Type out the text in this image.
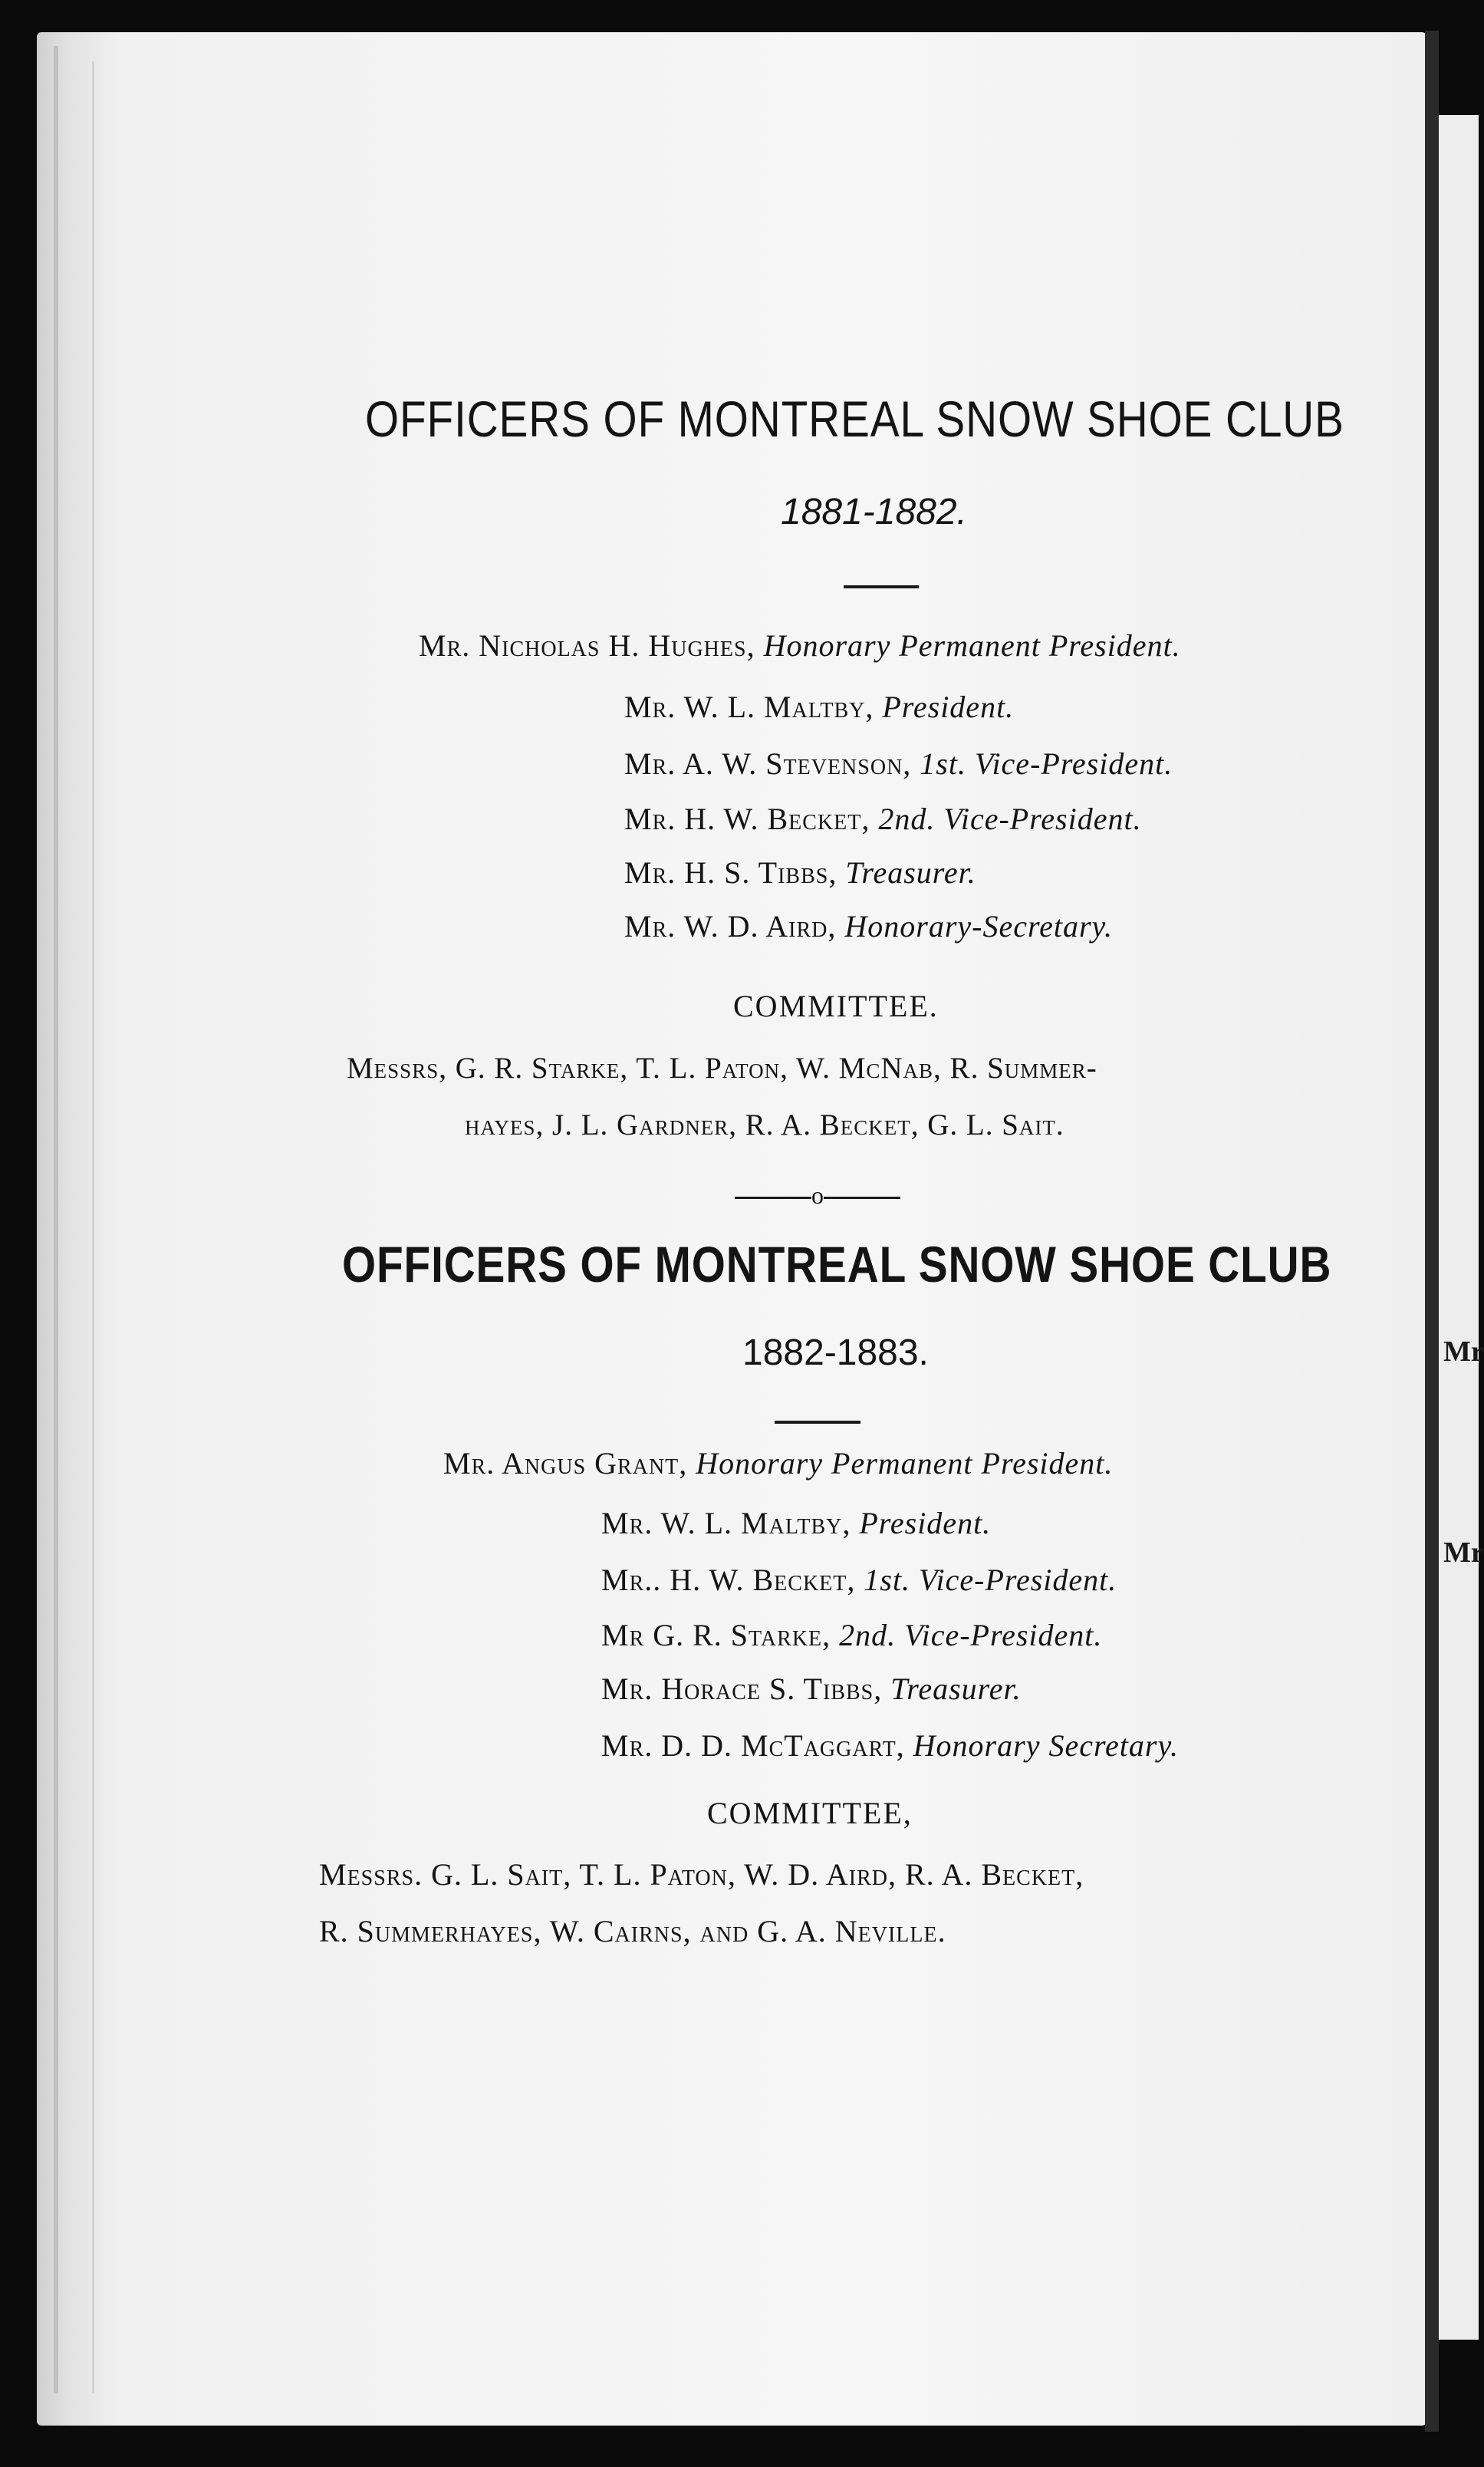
Mr
Mr
OFFICERS OF MONTREAL SNOW SHOE CLUB
1881-1882.
Mr. Nicholas H. Hughes, Honorary Permanent President.
Mr. W. L. Maltby, President.
Mr. A. W. Stevenson, 1st. Vice-President.
Mr. H. W. Becket, 2nd. Vice-President.
Mr. H. S. Tibbs, Treasurer.
Mr. W. D. Aird, Honorary-Secretary.
COMMITTEE.
Messrs, G. R. Starke, T. L. Paton, W. McNab, R. Summer-
hayes, J. L. Gardner, R. A. Becket, G. L. Sait.
o
OFFICERS OF MONTREAL SNOW SHOE CLUB
1882-1883.
Mr. Angus Grant, Honorary Permanent President.
Mr. W. L. Maltby, President.
Mr.. H. W. Becket, 1st. Vice-President.
Mr G. R. Starke, 2nd. Vice-President.
Mr. Horace S. Tibbs, Treasurer.
Mr. D. D. McTaggart, Honorary Secretary.
COMMITTEE,
Messrs. G. L. Sait, T. L. Paton, W. D. Aird, R. A. Becket,
R. Summerhayes, W. Cairns, and G. A. Neville.
